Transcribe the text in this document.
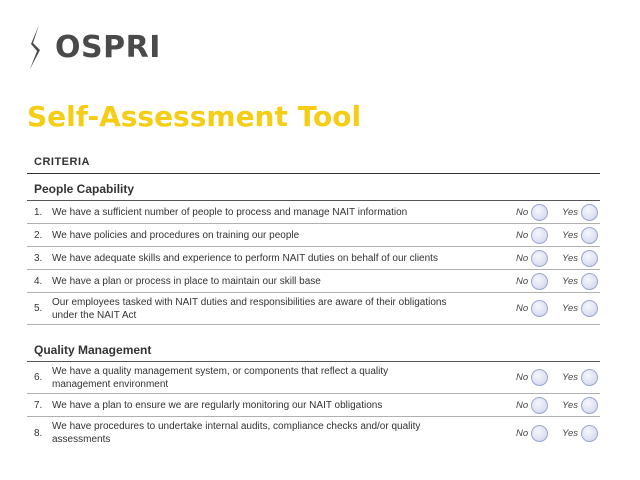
OSPRI
Self-Assessment Tool
CRITERIA
People Capability
1. We have a sufficient number of people to process and manage NAIT information	No	Yes
2. We have policies and procedures on training our people	No	Yes
3. We have adequate skills and experience to perform NAIT duties on behalf of our clients	No	Yes
4. We have a plan or process in place to maintain our skill base	No	Yes
5.
Our employees tasked with NAIT duties and responsibilities are aware of their obligations under the NAIT Act
No	Yes
Quality Management
6.
We have a quality management system, or components that reflect a quality management environment
No	Yes
7. We have a plan to ensure we are regularly monitoring our NAIT obligations	No	Yes
8.
We have procedures to undertake internal audits, compliance checks and/or quality assessments
No	Yes
